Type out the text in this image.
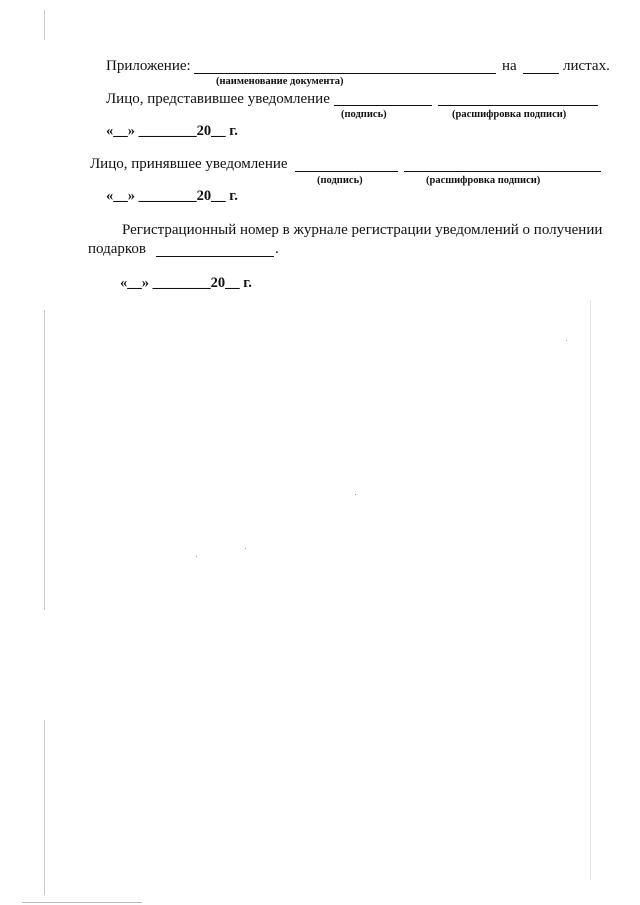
Приложение:	на	листах.
(наименование документа)
Лицо, представившее уведомление
(подпись)	(расшифровка подписи)
«__» ________20__ г.
Лицо, принявшее уведомление
(подпись)	(расшифровка подписи)
«__» ________20__ г.
Регистрационный номер в журнале регистрации уведомлений о получении
подарков	.
«__» ________20__ г.
